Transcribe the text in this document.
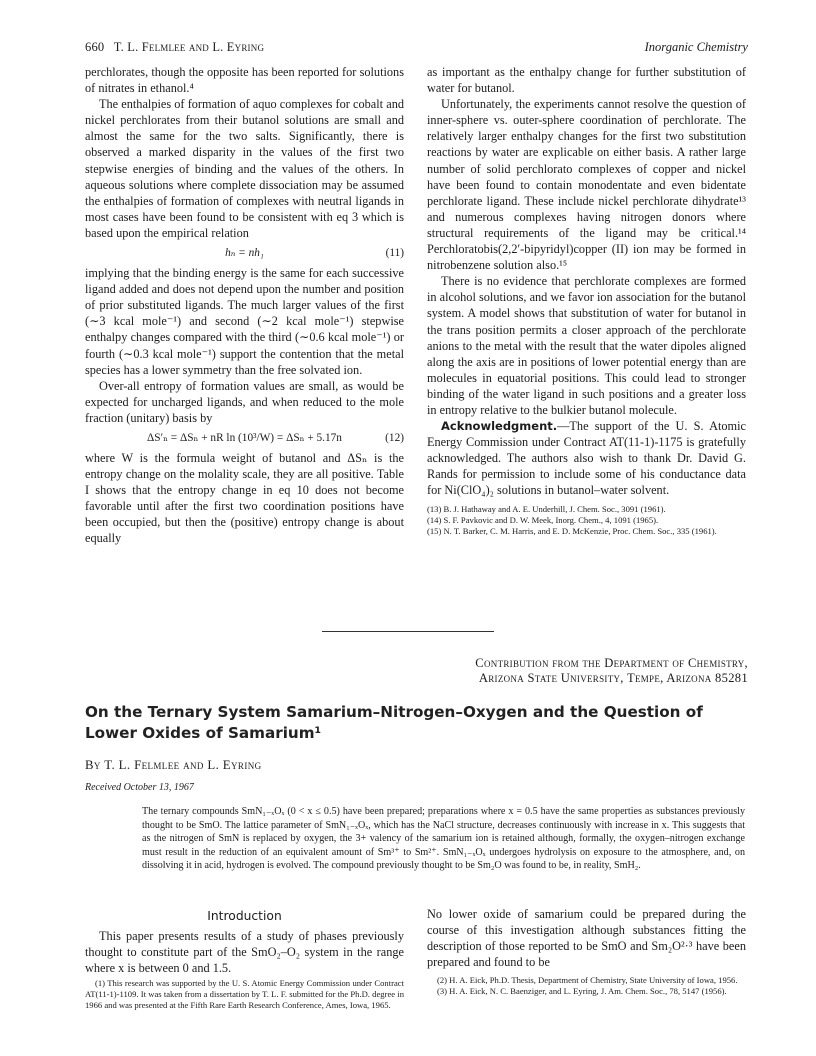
660 T. L. Felmlee and L. Eyring	Inorganic Chemistry

perchlorates, though the opposite has been reported for solutions of nitrates in ethanol.⁴

The enthalpies of formation of aquo complexes for cobalt and nickel perchlorates from their butanol solutions are small and almost the same for the two salts. Significantly, there is observed a marked disparity in the values of the first two stepwise energies of binding and the values of the others. In aqueous solutions where complete dissociation may be assumed the enthalpies of formation of complexes with neutral ligands in most cases have been found to be consistent with eq 3 which is based upon the empirical relation

hₙ = nh₁	(11)

implying that the binding energy is the same for each successive ligand added and does not depend upon the number and position of prior substituted ligands. The much larger values of the first (∼3 kcal mole⁻¹) and second (∼2 kcal mole⁻¹) stepwise enthalpy changes compared with the third (∼0.6 kcal mole⁻¹) or fourth (∼0.3 kcal mole⁻¹) support the contention that the metal species has a lower symmetry than the free solvated ion.

Over-all entropy of formation values are small, as would be expected for uncharged ligands, and when reduced to the mole fraction (unitary) basis by

ΔS′ₙ = ΔSₙ + nR ln (10³/W) = ΔSₙ + 5.17n	(12)

where W is the formula weight of butanol and ΔSₙ is the entropy change on the molality scale, they are all positive. Table I shows that the entropy change in eq 10 does not become favorable until after the first two coordination positions have been occupied, but then the (positive) entropy change is about equally

as important as the enthalpy change for further substitution of water for butanol.

Unfortunately, the experiments cannot resolve the question of inner-sphere vs. outer-sphere coordination of perchlorate. The relatively larger enthalpy changes for the first two substitution reactions by water are explicable on either basis. A rather large number of solid perchlorato complexes of copper and nickel have been found to contain monodentate and even bidentate perchlorate ligand. These include nickel perchlorate dihydrate¹³ and numerous complexes having nitrogen donors where structural requirements of the ligand may be critical.¹⁴ Perchloratobis(2,2′-bipyridyl)copper (II) ion may be formed in nitrobenzene solution also.¹⁵

There is no evidence that perchlorate complexes are formed in alcohol solutions, and we favor ion association for the butanol system. A model shows that substitution of water for butanol in the trans position permits a closer approach of the perchlorate anions to the metal with the result that the water dipoles aligned along the axis are in positions of lower potential energy than are molecules in equatorial positions. This could lead to stronger binding of the water ligand in such positions and a greater loss in entropy relative to the bulkier butanol molecule.

Acknowledgment.—The support of the U. S. Atomic Energy Commission under Contract AT(11-1)-1175 is gratefully acknowledged. The authors also wish to thank Dr. David G. Rands for permission to include some of his conductance data for Ni(ClO₄)₂ solutions in butanol–water solvent.

(13) B. J. Hathaway and A. E. Underhill, J. Chem. Soc., 3091 (1961).

(14) S. F. Pavkovic and D. W. Meek, Inorg. Chem., 4, 1091 (1965).

(15) N. T. Barker, C. M. Harris, and E. D. McKenzie, Proc. Chem. Soc., 335 (1961).

Contribution from the Department of Chemistry,
Arizona State University, Tempe, Arizona 85281
On the Ternary System Samarium–Nitrogen–Oxygen and the Question of Lower Oxides of Samarium¹
By T. L. Felmlee and L. Eyring
Received October 13, 1967

The ternary compounds SmN₁₋ₓOₓ (0 < x ≤ 0.5) have been prepared; preparations where x = 0.5 have the same properties as substances previously thought to be SmO. The lattice parameter of SmN₁₋ₓOₓ, which has the NaCl structure, decreases continuously with increase in x. This suggests that as the nitrogen of SmN is replaced by oxygen, the 3+ valency of the samarium ion is retained although, formally, the oxygen–nitrogen exchange must result in the reduction of an equivalent amount of Sm³⁺ to Sm²⁺. SmN₁₋ₓOₓ undergoes hydrolysis on exposure to the atmosphere, and, on dissolving it in acid, hydrogen is evolved. The compound previously thought to be Sm₂O was found to be, in reality, SmH₂.

Introduction

This paper presents results of a study of phases previously thought to constitute part of the SmO₂–O₂ system in the range where x is between 0 and 1.5.

(1) This research was supported by the U. S. Atomic Energy Commission under Contract AT(11-1)-1109. It was taken from a dissertation by T. L. F. submitted for the Ph.D. degree in 1966 and was presented at the Fifth Rare Earth Research Conference, Ames, Iowa, 1965.

No lower oxide of samarium could be prepared during the course of this investigation although substances fitting the description of those reported to be SmO and Sm₂O²·³ have been prepared and found to be

(2) H. A. Eick, Ph.D. Thesis, Department of Chemistry, State University of Iowa, 1956.

(3) H. A. Eick, N. C. Baenziger, and L. Eyring, J. Am. Chem. Soc., 78, 5147 (1956).
